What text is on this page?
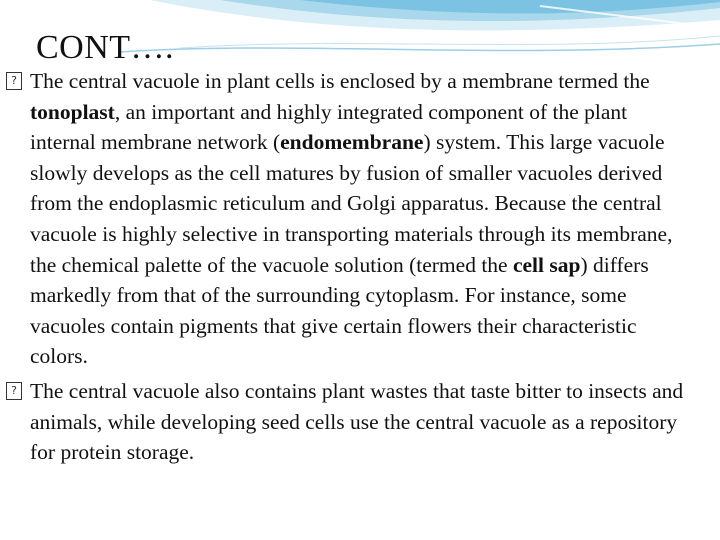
CONT….

? The central vacuole in plant cells is enclosed by a membrane termed the tonoplast, an important and highly integrated component of the plant internal membrane network (endomembrane) system. This large vacuole slowly develops as the cell matures by fusion of smaller vacuoles derived from the endoplasmic reticulum and Golgi apparatus. Because the central vacuole is highly selective in transporting materials through its membrane, the chemical palette of the vacuole solution (termed the cell sap) differs markedly from that of the surrounding cytoplasm. For instance, some vacuoles contain pigments that give certain flowers their characteristic colors.

? The central vacuole also contains plant wastes that taste bitter to insects and animals, while developing seed cells use the central vacuole as a repository for protein storage.
